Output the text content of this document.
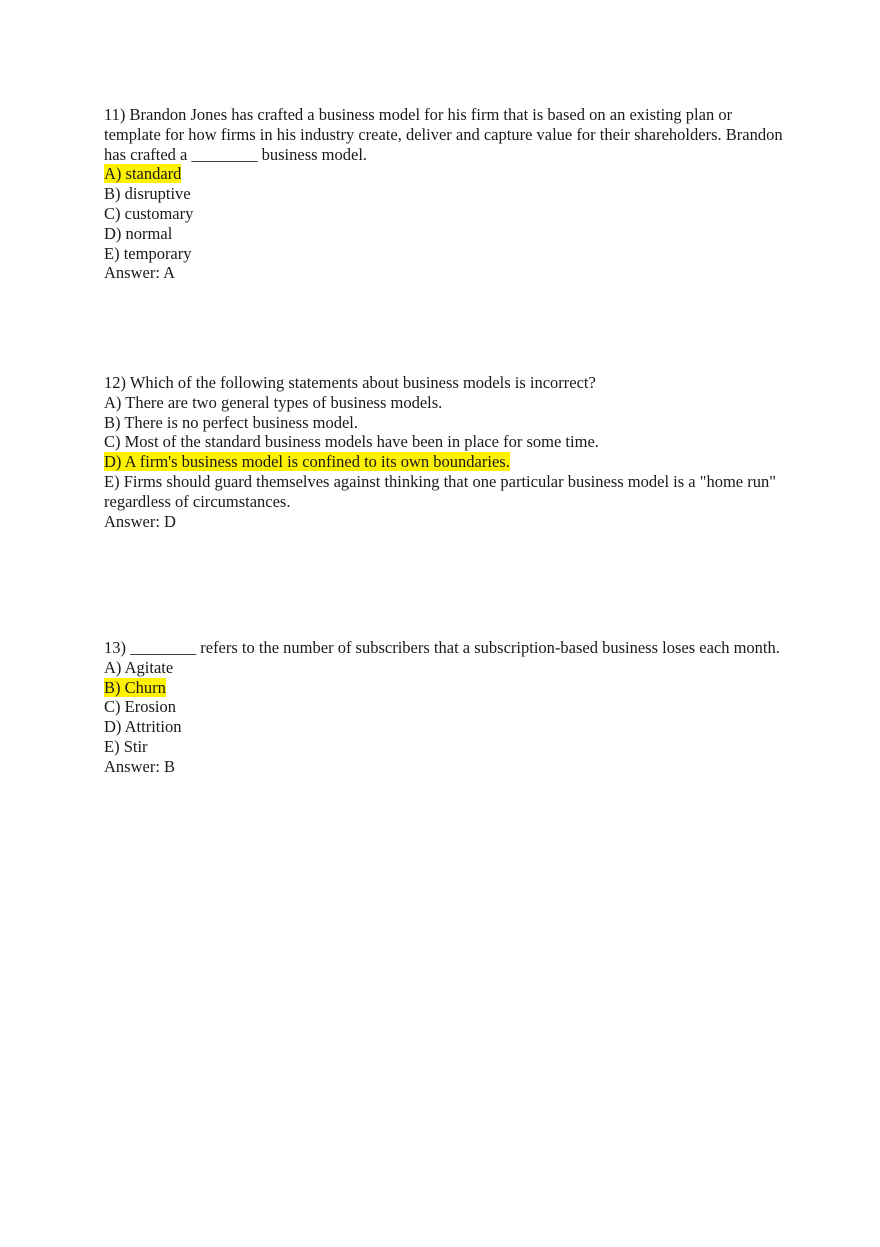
11) Brandon Jones has crafted a business model for his firm that is based on an existing plan or template for how firms in his industry create, deliver and capture value for their shareholders. Brandon has crafted a ________ business model.

A) standard

B) disruptive

C) customary

D) normal

E) temporary

Answer: A

12) Which of the following statements about business models is incorrect?

A) There are two general types of business models.

B) There is no perfect business model.

C) Most of the standard business models have been in place for some time.

D) A firm's business model is confined to its own boundaries.

E) Firms should guard themselves against thinking that one particular business model is a "home run" regardless of circumstances.

Answer: D

13) ________ refers to the number of subscribers that a subscription-based business loses each month.

A) Agitate

B) Churn

C) Erosion

D) Attrition

E) Stir

Answer: B
